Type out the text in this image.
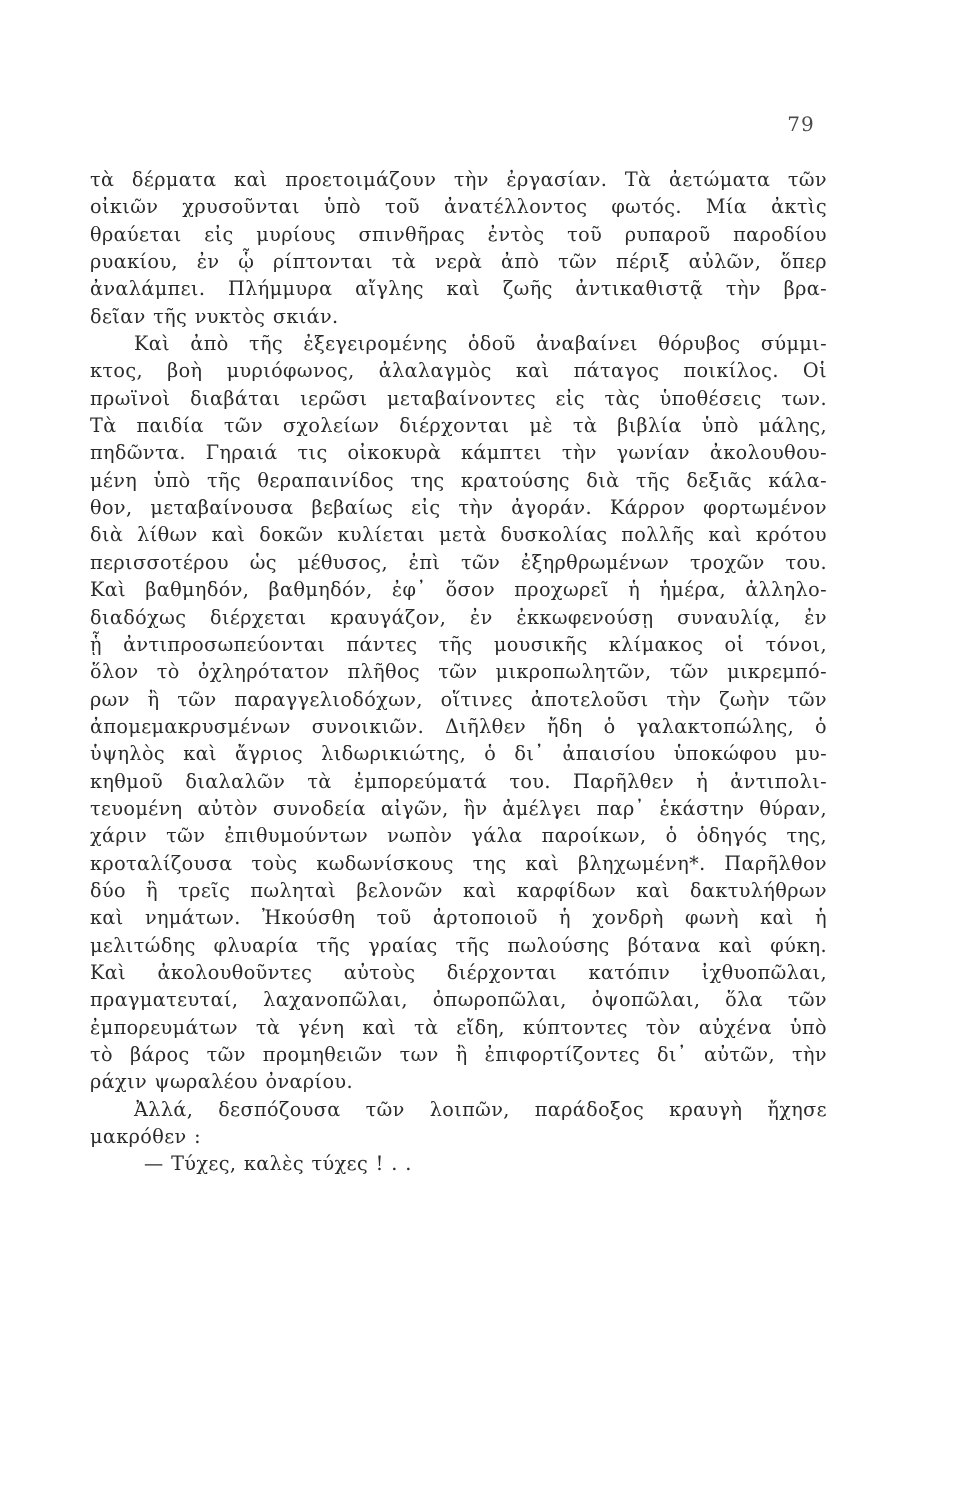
79
τὰ δέρματα καὶ προετοιμάζουν τὴν ἐργασίαν. Τὰ ἀετώματα τῶν
οἰκιῶν χρυσοῦνται ὑπὸ τοῦ ἀνατέλλοντος φωτός. Μία ἀκτὶς
θραύεται εἰς μυρίους σπινθῆρας ἐντὸς τοῦ ρυπαροῦ παροδίου
ρυακίου, ἐν ᾧ ρίπτονται τὰ νερὰ ἀπὸ τῶν πέριξ αὐλῶν, ὅπερ
ἀναλάμπει. Πλήμμυρα αἴγλης καὶ ζωῆς ἀντικαθιστᾷ τὴν βρα-
δεῖαν τῆς νυκτὸς σκιάν.
Καὶ ἀπὸ τῆς ἐξεγειρομένης ὁδοῦ ἀναβαίνει θόρυβος σύμμι-
κτος, βοὴ μυριόφωνος, ἀλαλαγμὸς καὶ πάταγος ποικίλος. Οἱ
πρωϊνοὶ διαβάται ιερῶσι μεταβαίνοντες εἰς τὰς ὑποθέσεις των.
Τὰ παιδία τῶν σχολείων διέρχονται μὲ τὰ βιβλία ὑπὸ μάλης,
πηδῶντα. Γηραιά τις οἰκοκυρὰ κάμπτει τὴν γωνίαν ἀκολουθου-
μένη ὑπὸ τῆς θεραπαινίδος της κρατούσης διὰ τῆς δεξιᾶς κάλα-
θον, μεταβαίνουσα βεβαίως εἰς τὴν ἀγοράν. Κάρρον φορτωμένον
διὰ λίθων καὶ δοκῶν κυλίεται μετὰ δυσκολίας πολλῆς καὶ κρότου
περισσοτέρου ὡς μέθυσος, ἐπὶ τῶν ἐξηρθρωμένων τροχῶν του.
Καὶ βαθμηδόν, βαθμηδόν, ἐφ᾽ ὅσον προχωρεῖ ἡ ἡμέρα, ἀλληλο-
διαδόχως διέρχεται κραυγάζον, ἐν ἐκκωφενούσῃ συναυλίᾳ, ἐν
ᾗ ἀντιπροσωπεύονται πάντες τῆς μουσικῆς κλίμακος οἱ τόνοι,
ὅλον τὸ ὀχληρότατον πλῆθος τῶν μικροπωλητῶν, τῶν μικρεμπό-
ρων ἢ τῶν παραγγελιοδόχων, οἵτινες ἀποτελοῦσι τὴν ζωὴν τῶν
ἀπομεμακρυσμένων συνοικιῶν. Διῆλθεν ἤδη ὁ γαλακτοπώλης, ὁ
ὑψηλὸς καὶ ἄγριος λιδωρικιώτης, ὁ δι᾽ ἀπαισίου ὑποκώφου μυ-
κηθμοῦ διαλαλῶν τὰ ἐμπορεύματά του. Παρῆλθεν ἡ ἀντιπολι-
τευομένη αὐτὸν συνοδεία αἰγῶν, ἣν ἀμέλγει παρ᾽ ἑκάστην θύραν,
χάριν τῶν ἐπιθυμούντων νωπὸν γάλα παροίκων, ὁ ὁδηγός της,
κροταλίζουσα τοὺς κωδωνίσκους της καὶ βληχωμένη*. Παρῆλθον
δύο ἢ τρεῖς πωληταὶ βελονῶν καὶ καρφίδων καὶ δακτυλήθρων
καὶ νημάτων. Ἠκούσθη τοῦ ἀρτοποιοῦ ἡ χονδρὴ φωνὴ καὶ ἡ
μελιτώδης φλυαρία τῆς γραίας τῆς πωλούσης βότανα καὶ φύκη.
Καὶ ἀκολουθοῦντες αὐτοὺς διέρχονται κατόπιν ἰχθυοπῶλαι,
πραγματευταί, λαχανοπῶλαι, ὀπωροπῶλαι, ὀψοπῶλαι, ὅλα τῶν
ἐμπορευμάτων τὰ γένη καὶ τὰ εἴδη, κύπτοντες τὸν αὐχένα ὑπὸ
τὸ βάρος τῶν προμηθειῶν των ἢ ἐπιφορτίζοντες δι᾽ αὐτῶν, τὴν
ράχιν ψωραλέου ὀναρίου.
Ἀλλά, δεσπόζουσα τῶν λοιπῶν, παράδοξος κραυγὴ ἤχησε
μακρόθεν :
— Τύχες, καλὲς τύχες ! . .
